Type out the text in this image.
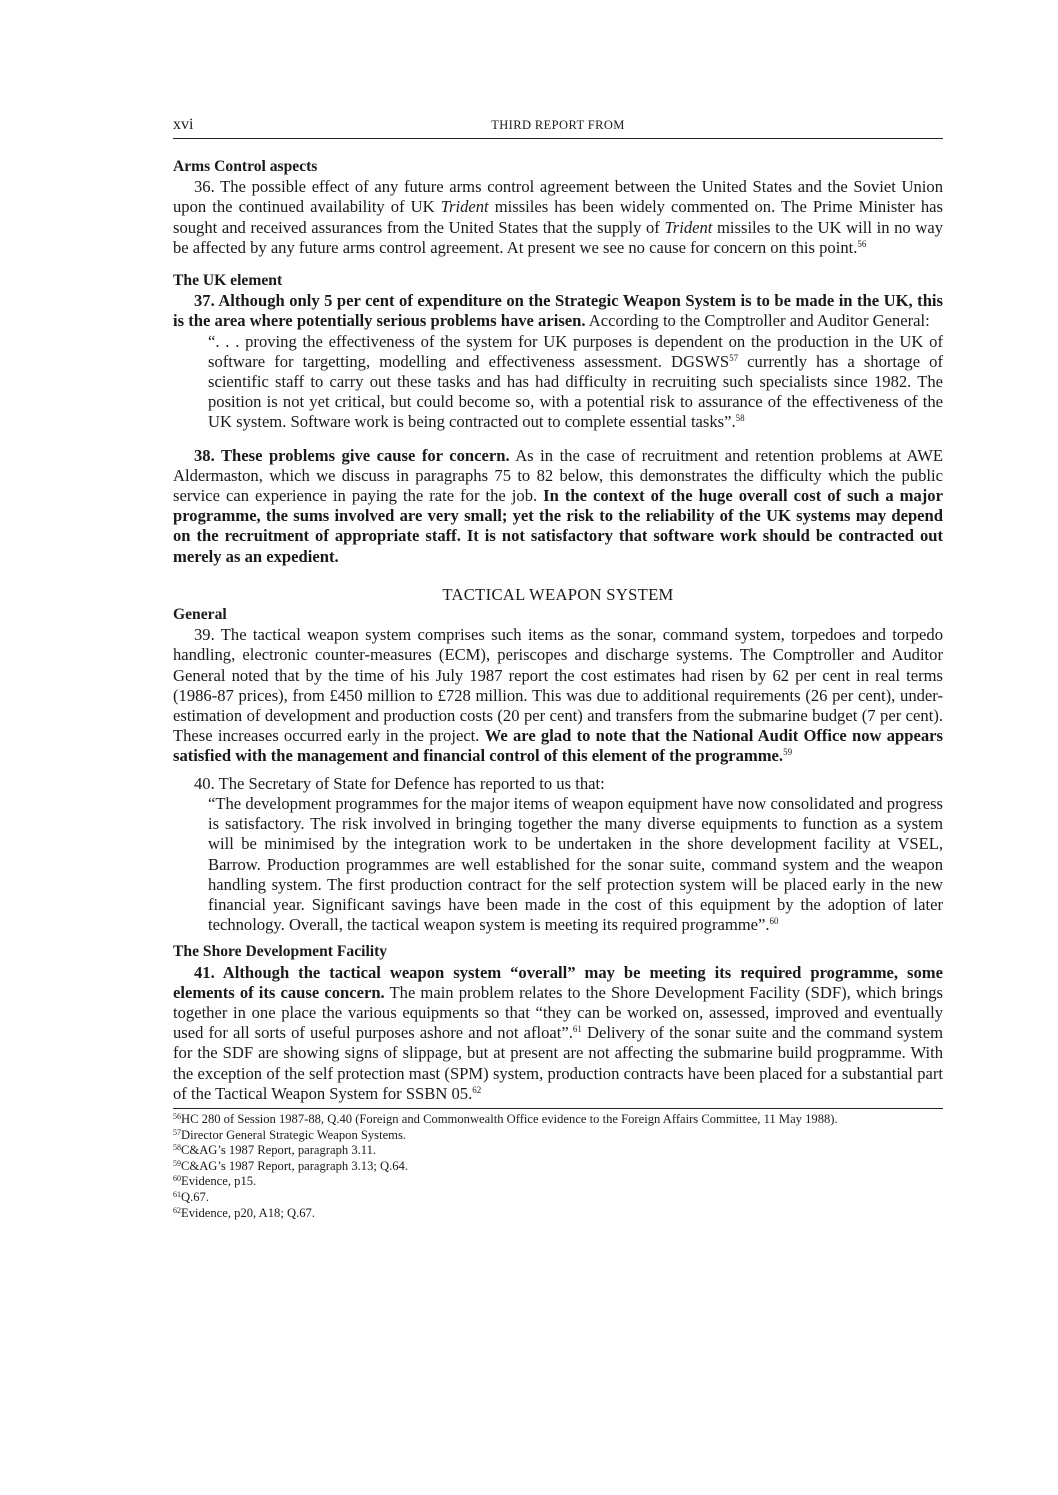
xvi	THIRD REPORT FROM

Arms Control aspects

36. The possible effect of any future arms control agreement between the United States and the Soviet Union upon the continued availability of UK Trident missiles has been widely commented on. The Prime Minister has sought and received assurances from the United States that the supply of Trident missiles to the UK will in no way be affected by any future arms control agreement. At present we see no cause for concern on this point.$^{56}$

The UK element

37. Although only 5 per cent of expenditure on the Strategic Weapon System is to be made in the UK, this is the area where potentially serious problems have arisen. According to the Comptroller and Auditor General:

“. . . proving the effectiveness of the system for UK purposes is dependent on the production in the UK of software for targetting, modelling and effectiveness assessment. DGSWS$^{57}$ currently has a shortage of scientific staff to carry out these tasks and has had difficulty in recruiting such specialists since 1982. The position is not yet critical, but could become so, with a potential risk to assurance of the effectiveness of the UK system. Software work is being contracted out to complete essential tasks”.$^{58}$

38. These problems give cause for concern. As in the case of recruitment and retention problems at AWE Aldermaston, which we discuss in paragraphs 75 to 82 below, this demonstrates the difficulty which the public service can experience in paying the rate for the job. In the context of the huge overall cost of such a major programme, the sums involved are very small; yet the risk to the reliability of the UK systems may depend on the recruitment of appropriate staff. It is not satisfactory that software work should be contracted out merely as an expedient.

TACTICAL WEAPON SYSTEM

General

39. The tactical weapon system comprises such items as the sonar, command system, torpedoes and torpedo handling, electronic counter-measures (ECM), periscopes and discharge systems. The Comptroller and Auditor General noted that by the time of his July 1987 report the cost estimates had risen by 62 per cent in real terms (1986-87 prices), from £450 million to £728 million. This was due to additional requirements (26 per cent), under-estimation of development and production costs (20 per cent) and transfers from the submarine budget (7 per cent). These increases occurred early in the project. We are glad to note that the National Audit Office now appears satisfied with the management and financial control of this element of the programme.$^{59}$

40. The Secretary of State for Defence has reported to us that:

“The development programmes for the major items of weapon equipment have now consolidated and progress is satisfactory. The risk involved in bringing together the many diverse equipments to function as a system will be minimised by the integration work to be undertaken in the shore development facility at VSEL, Barrow. Production programmes are well established for the sonar suite, command system and the weapon handling system. The first production contract for the self protection system will be placed early in the new financial year. Significant savings have been made in the cost of this equipment by the adoption of later technology. Overall, the tactical weapon system is meeting its required programme”.$^{60}$

The Shore Development Facility

41. Although the tactical weapon system “overall” may be meeting its required programme, some elements of its cause concern. The main problem relates to the Shore Development Facility (SDF), which brings together in one place the various equipments so that “they can be worked on, assessed, improved and eventually used for all sorts of useful purposes ashore and not afloat”.$^{61}$ Delivery of the sonar suite and the command system for the SDF are showing signs of slippage, but at present are not affecting the submarine build progpramme. With the exception of the self protection mast (SPM) system, production contracts have been placed for a substantial part of the Tactical Weapon System for SSBN 05.62

$^{56}$HC 280 of Session 1987-88, Q.40 (Foreign and Commonwealth Office evidence to the Foreign Affairs Committee, 11 May 1988).

$^{57}$Director General Strategic Weapon Systems.

$^{58}$C&AG’s 1987 Report, paragraph 3.11.

$^{59}$C&AG’s 1987 Report, paragraph 3.13; Q.64.

$^{60}$Evidence, p15.

$^{61}$Q.67.

$^{62}$Evidence, p20, A18; Q.67.
